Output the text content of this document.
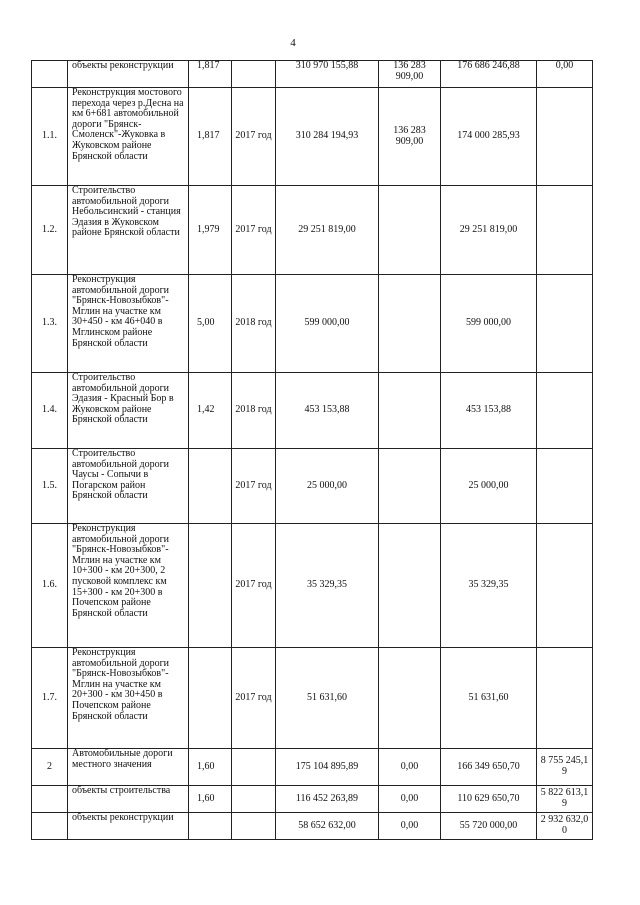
4
	объекты реконструкции	1,817		310 970 155,88	136 283 909,00	176 686 246,88	0,00
1.1.	Реконструкция мостового перехода через р.Десна на км 6+681 автомобильной дороги "Брянск-Смоленск"-Жуковка в Жуковском районе Брянской области	1,817	2017 год	310 284 194,93	136 283 909,00	174 000 285,93	
1.2.	Строительство автомобильной дороги Небольсинский - станция Эдазия в Жуковском районе Брянской области	1,979	2017 год	29 251 819,00		29 251 819,00	
1.3.	Реконструкция автомобильной дороги "Брянск-Новозыбков"-Мглин на участке км 30+450 - км 46+040 в Мглинском районе Брянской области	5,00	2018 год	599 000,00		599 000,00	
1.4.	Строительство автомобильной дороги Эдазия - Красный Бор в Жуковском районе Брянской области	1,42	2018 год	453 153,88		453 153,88	
1.5.	Строительство автомобильной дороги Чаусы - Сопычи в Погарском район Брянской области		2017 год	25 000,00		25 000,00	
1.6.	Реконструкция автомобильной дороги "Брянск-Новозыбков"-Мглин на участке км 10+300 - км 20+300, 2 пусковой комплекс км 15+300 - км 20+300 в Почепском районе Брянской области		2017 год	35 329,35		35 329,35	
1.7.	Реконструкция автомобильной дороги "Брянск-Новозыбков"-Мглин на участке км 20+300 - км 30+450 в Почепском районе Брянской области		2017 год	51 631,60		51 631,60	
2	Автомобильные дороги местного значения	1,60		175 104 895,89	0,00	166 349 650,70	8 755 245,19
	объекты строительства	1,60		116 452 263,89	0,00	110 629 650,70	5 822 613,19
	объекты реконструкции			58 652 632,00	0,00	55 720 000,00	2 932 632,00
